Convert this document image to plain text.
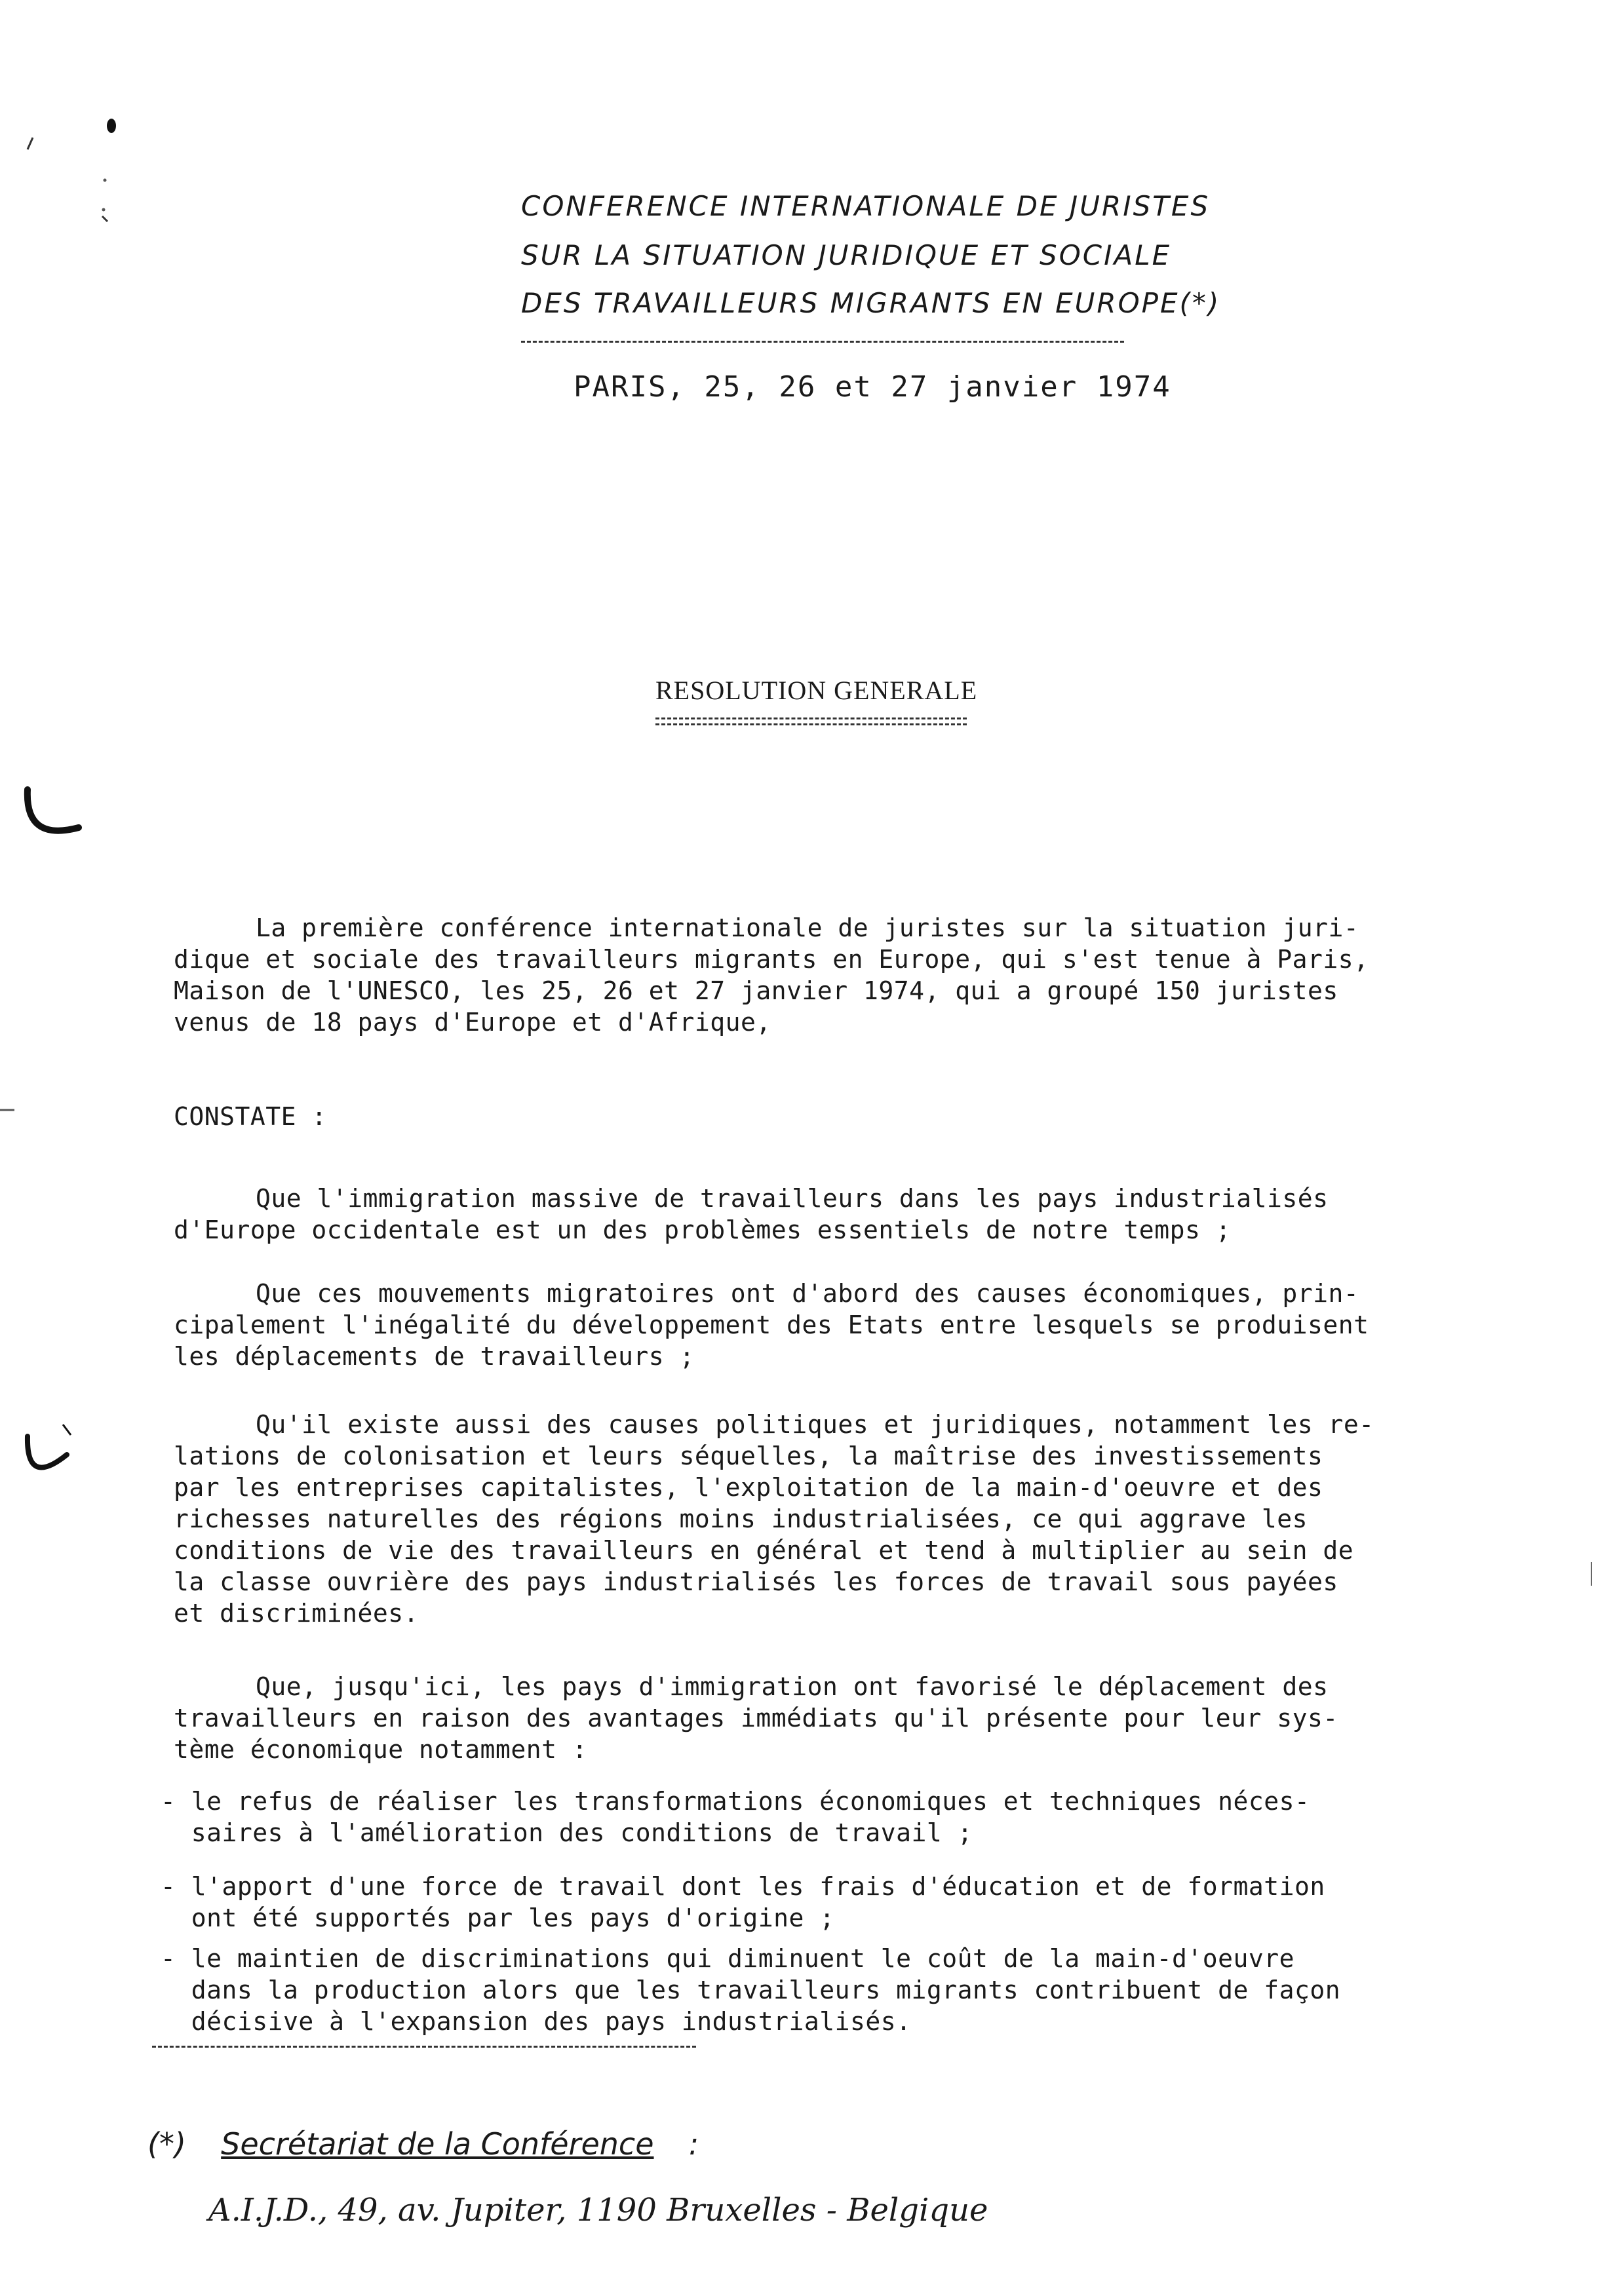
CONFERENCE INTERNATIONALE DE JURISTES
SUR LA SITUATION JURIDIQUE ET SOCIALE
DES TRAVAILLEURS MIGRANTS EN EUROPE(*)
PARIS, 25, 26 et 27 janvier 1974
RESOLUTION GENERALE
La première conférence internationale de juristes sur la situation juri-
dique et sociale des travailleurs migrants en Europe, qui s'est tenue à Paris,
Maison de l'UNESCO, les 25, 26 et 27 janvier 1974, qui a groupé 150 juristes
venus de 18 pays d'Europe et d'Afrique,
CONSTATE :
Que l'immigration massive de travailleurs dans les pays industrialisés
d'Europe occidentale est un des problèmes essentiels de notre temps ;
Que ces mouvements migratoires ont d'abord des causes économiques, prin-
cipalement l'inégalité du développement des Etats entre lesquels se produisent
les déplacements de travailleurs ;
Qu'il existe aussi des causes politiques et juridiques, notamment les re-
lations de colonisation et leurs séquelles, la maîtrise des investissements
par les entreprises capitalistes, l'exploitation de la main-d'oeuvre et des
richesses naturelles des régions moins industrialisées, ce qui aggrave les
conditions de vie des travailleurs en général et tend à multiplier au sein de
la classe ouvrière des pays industrialisés les forces de travail sous payées
et discriminées.
Que, jusqu'ici, les pays d'immigration ont favorisé le déplacement des
travailleurs en raison des avantages immédiats qu'il présente pour leur sys-
tème économique notamment :
- le refus de réaliser les transformations économiques et techniques néces-
saires à l'amélioration des conditions de travail ;
- l'apport d'une force de travail dont les frais d'éducation et de formation
ont été supportés par les pays d'origine ;
- le maintien de discriminations qui diminuent le coût de la main-d'oeuvre
dans la production alors que les travailleurs migrants contribuent de façon
décisive à l'expansion des pays industrialisés.
(*) Secrétariat de la Conférence :
A.I.J.D., 49, av. Jupiter, 1190 Bruxelles - Belgique
